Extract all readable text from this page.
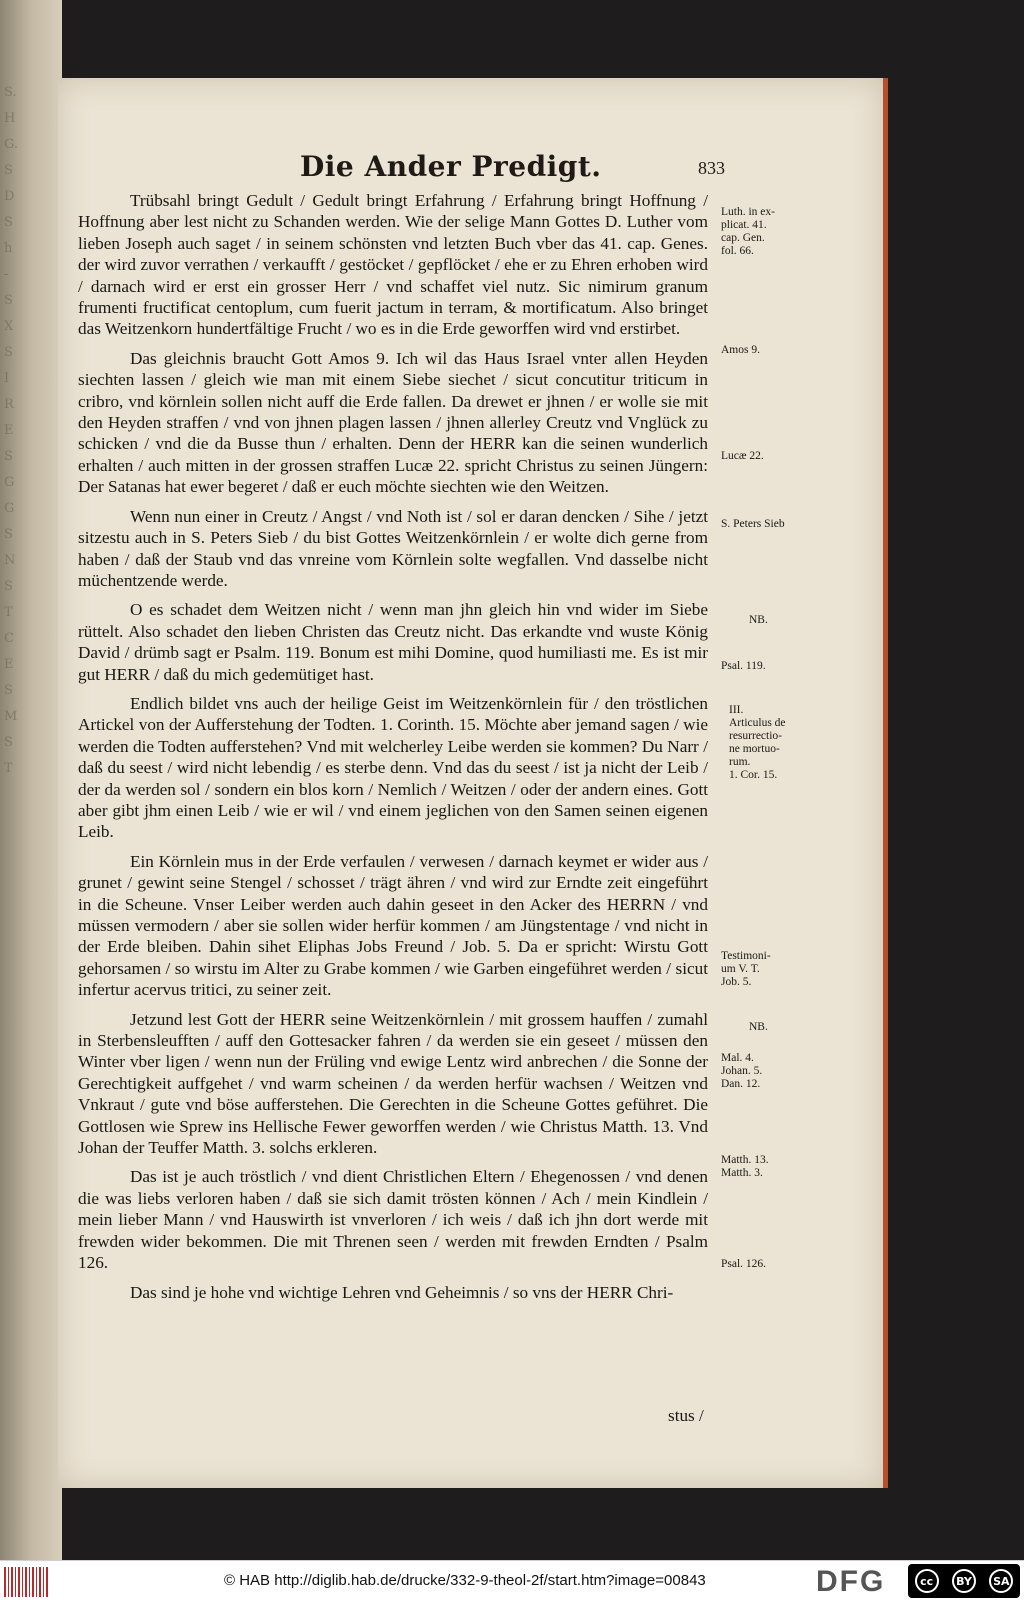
S.
H
G.
S
D
S
h
-
S
X
S
I
R
E
S
G
G
S
N
S
T
C
E
S
M
S
T
Die Ander Predigt.	833

Trübsahl bringt Gedult / Gedult bringt Erfahrung / Erfahrung bringt Hoffnung / Hoffnung aber lest nicht zu Schanden werden. Wie der selige Mann Gottes D. Luther vom lieben Joseph auch saget / in seinem schönsten vnd letzten Buch vber das 41. cap. Genes. der wird zuvor verrathen / verkaufft / gestöcket / gepflöcket / ehe er zu Ehren erhoben wird / darnach wird er erst ein grosser Herr / vnd schaffet viel nutz. Sic nimirum granum frumenti fructificat centoplum, cum fuerit jactum in terram, & mortificatum. Also bringet das Weitzenkorn hundertfältige Frucht / wo es in die Erde geworffen wird vnd erstirbet.

Das gleichnis braucht Gott Amos 9. Ich wil das Haus Israel vnter allen Heyden siechten lassen / gleich wie man mit einem Siebe siechet / sicut concutitur triticum in cribro, vnd körnlein sollen nicht auff die Erde fallen. Da drewet er jhnen / er wolle sie mit den Heyden straffen / vnd von jhnen plagen lassen / jhnen allerley Creutz vnd Vnglück zu schicken / vnd die da Busse thun / erhalten. Denn der HERR kan die seinen wunderlich erhalten / auch mitten in der grossen straffen Lucæ 22. spricht Christus zu seinen Jüngern: Der Satanas hat ewer begeret / daß er euch möchte siechten wie den Weitzen.

Wenn nun einer in Creutz / Angst / vnd Noth ist / sol er daran dencken / Sihe / jetzt sitzestu auch in S. Peters Sieb / du bist Gottes Weitzenkörnlein / er wolte dich gerne from haben / daß der Staub vnd das vnreine vom Körnlein solte wegfallen. Vnd dasselbe nicht müchentzende werde.

O es schadet dem Weitzen nicht / wenn man jhn gleich hin vnd wider im Siebe rüttelt. Also schadet den lieben Christen das Creutz nicht. Das erkandte vnd wuste König David / drümb sagt er Psalm. 119. Bonum est mihi Domine, quod humiliasti me. Es ist mir gut HERR / daß du mich gedemütiget hast.

Endlich bildet vns auch der heilige Geist im Weitzenkörnlein für / den tröstlichen Artickel von der Aufferstehung der Todten. 1. Corinth. 15. Möchte aber jemand sagen / wie werden die Todten aufferstehen? Vnd mit welcherley Leibe werden sie kommen? Du Narr / daß du seest / wird nicht lebendig / es sterbe denn. Vnd das du seest / ist ja nicht der Leib / der da werden sol / sondern ein blos korn / Nemlich / Weitzen / oder der andern eines. Gott aber gibt jhm einen Leib / wie er wil / vnd einem jeglichen von den Samen seinen eigenen Leib.

Ein Körnlein mus in der Erde verfaulen / verwesen / darnach keymet er wider aus / grunet / gewint seine Stengel / schosset / trägt ähren / vnd wird zur Erndte zeit eingeführt in die Scheune. Vnser Leiber werden auch dahin geseet in den Acker des HERRN / vnd müssen vermodern / aber sie sollen wider herfür kommen / am Jüngstentage / vnd nicht in der Erde bleiben. Dahin sihet Eliphas Jobs Freund / Job. 5. Da er spricht: Wirstu Gott gehorsamen / so wirstu im Alter zu Grabe kommen / wie Garben eingeführet werden / sicut infertur acervus tritici, zu seiner zeit.

Jetzund lest Gott der HERR seine Weitzenkörnlein / mit grossem hauffen / zumahl in Sterbensleufften / auff den Gottesacker fahren / da werden sie ein geseet / müssen den Winter vber ligen / wenn nun der Früling vnd ewige Lentz wird anbrechen / die Sonne der Gerechtigkeit auffgehet / vnd warm scheinen / da werden herfür wachsen / Weitzen vnd Vnkraut / gute vnd böse aufferstehen. Die Gerechten in die Scheune Gottes geführet. Die Gottlosen wie Sprew ins Hellische Fewer geworffen werden / wie Christus Matth. 13. Vnd Johan der Teuffer Matth. 3. solchs erkleren.

Das ist je auch tröstlich / vnd dient Christlichen Eltern / Ehegenossen / vnd denen die was liebs verloren haben / daß sie sich damit trösten können / Ach / mein Kindlein / mein lieber Mann / vnd Hauswirth ist vnverloren / ich weis / daß ich jhn dort werde mit frewden wider bekommen. Die mit Threnen seen / werden mit frewden Erndten / Psalm 126.

Das sind je hohe vnd wichtige Lehren vnd Geheimnis / so vns der HERR Chri-

stus /
Luth. in ex-
plicat. 41.
cap. Gen.
fol. 66.
Amos 9.
Lucæ 22.
S. Peters Sieb
NB.
Psal. 119.
III.
Articulus de
resurrectio-
ne mortuo-
rum.
1. Cor. 15.
Testimoni-
um V. T.
Job. 5.
NB.
Mal. 4.
Johan. 5.
Dan. 12.
Matth. 13.
Matth. 3.
Psal. 126.
© HAB http://diglib.hab.de/drucke/332-9-theol-2f/start.htm?image=00843	DFG	cc	BY	SA
